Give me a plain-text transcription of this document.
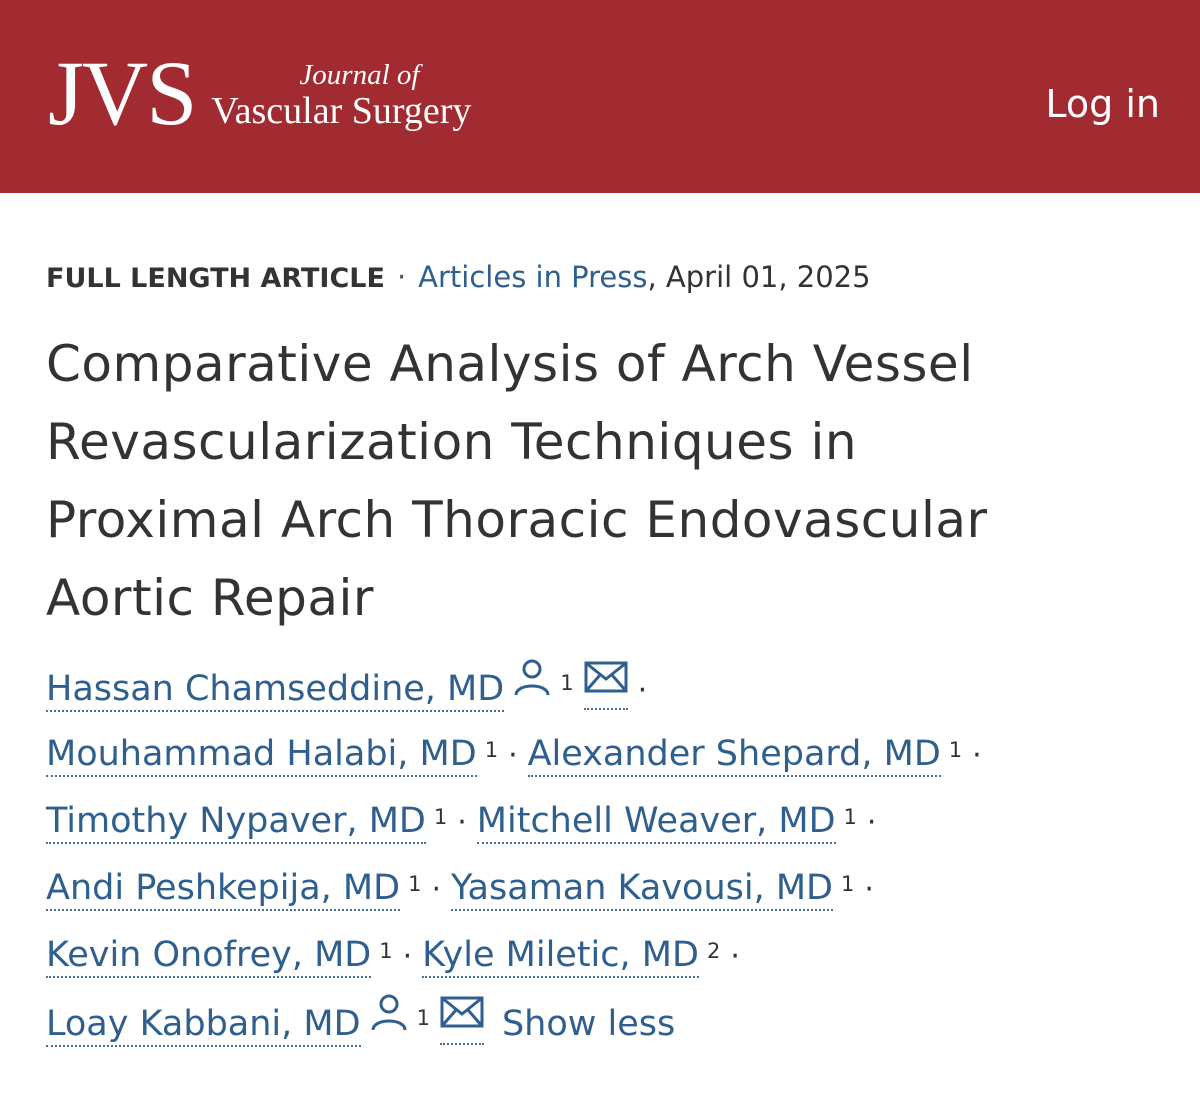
JVS	Journal of
Vascular Surgery	Log in
FULL LENGTH ARTICLE · Articles in Press, April 01, 2025
Comparative Analysis of Arch Vessel
Revascularization Techniques in
Proximal Arch Thoracic Endovascular
Aortic Repair
Hassan Chamseddine, MD	$^1$ ·
Mouhammad Halabi, MD $^1$ · Alexander Shepard, MD $^1$ ·
Timothy Nypaver, MD $^1$ · Mitchell Weaver, MD $^1$ ·
Andi Peshkepija, MD $^1$ · Yasaman Kavousi, MD $^1$ ·
Kevin Onofrey, MD $^1$ · Kyle Miletic, MD $^2$ ·
Loay Kabbani, MD	$^1$ Show less
